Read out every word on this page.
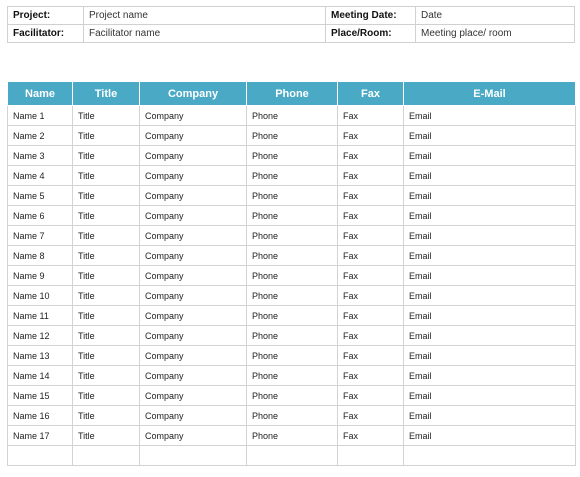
Project:	Project name	Meeting Date:	Date
Facilitator:	Facilitator name	Place/Room:	Meeting place/ room
Name	Title	Company	Phone	Fax	E-Mail
Name 1	Title	Company	Phone	Fax	Email
Name 2	Title	Company	Phone	Fax	Email
Name 3	Title	Company	Phone	Fax	Email
Name 4	Title	Company	Phone	Fax	Email
Name 5	Title	Company	Phone	Fax	Email
Name 6	Title	Company	Phone	Fax	Email
Name 7	Title	Company	Phone	Fax	Email
Name 8	Title	Company	Phone	Fax	Email
Name 9	Title	Company	Phone	Fax	Email
Name 10	Title	Company	Phone	Fax	Email
Name 11	Title	Company	Phone	Fax	Email
Name 12	Title	Company	Phone	Fax	Email
Name 13	Title	Company	Phone	Fax	Email
Name 14	Title	Company	Phone	Fax	Email
Name 15	Title	Company	Phone	Fax	Email
Name 16	Title	Company	Phone	Fax	Email
Name 17	Title	Company	Phone	Fax	Email
